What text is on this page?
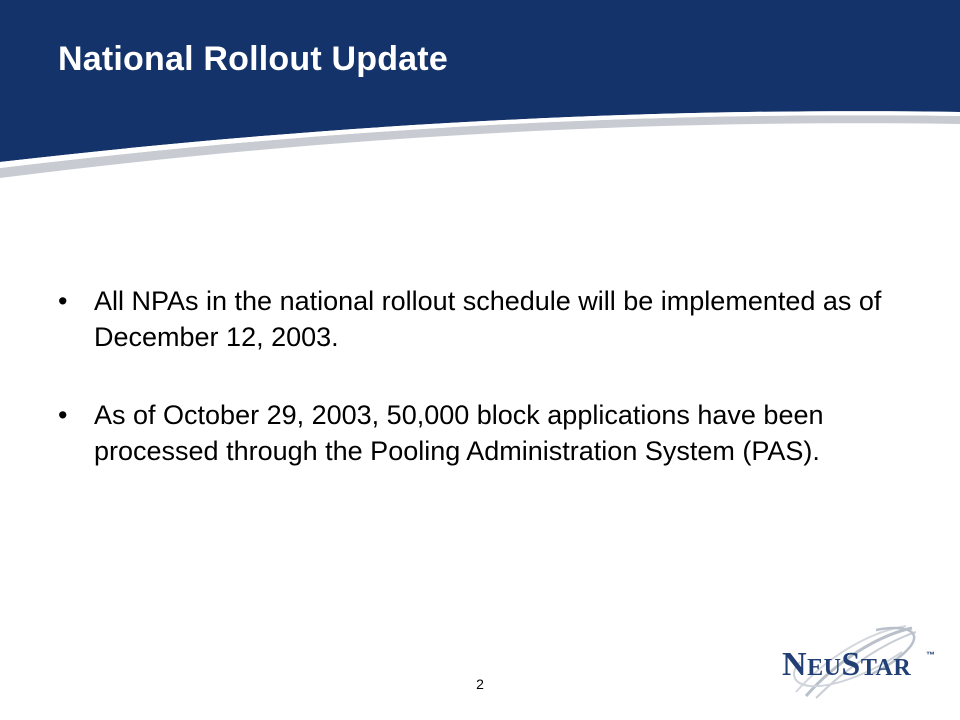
National Rollout Update
• All NPAs in the national rollout schedule will be implemented as of December 12, 2003.
• As of October 29, 2003, 50,000 block applications have been processed through the Pooling Administration System (PAS).
2
NEUSTAR ™
